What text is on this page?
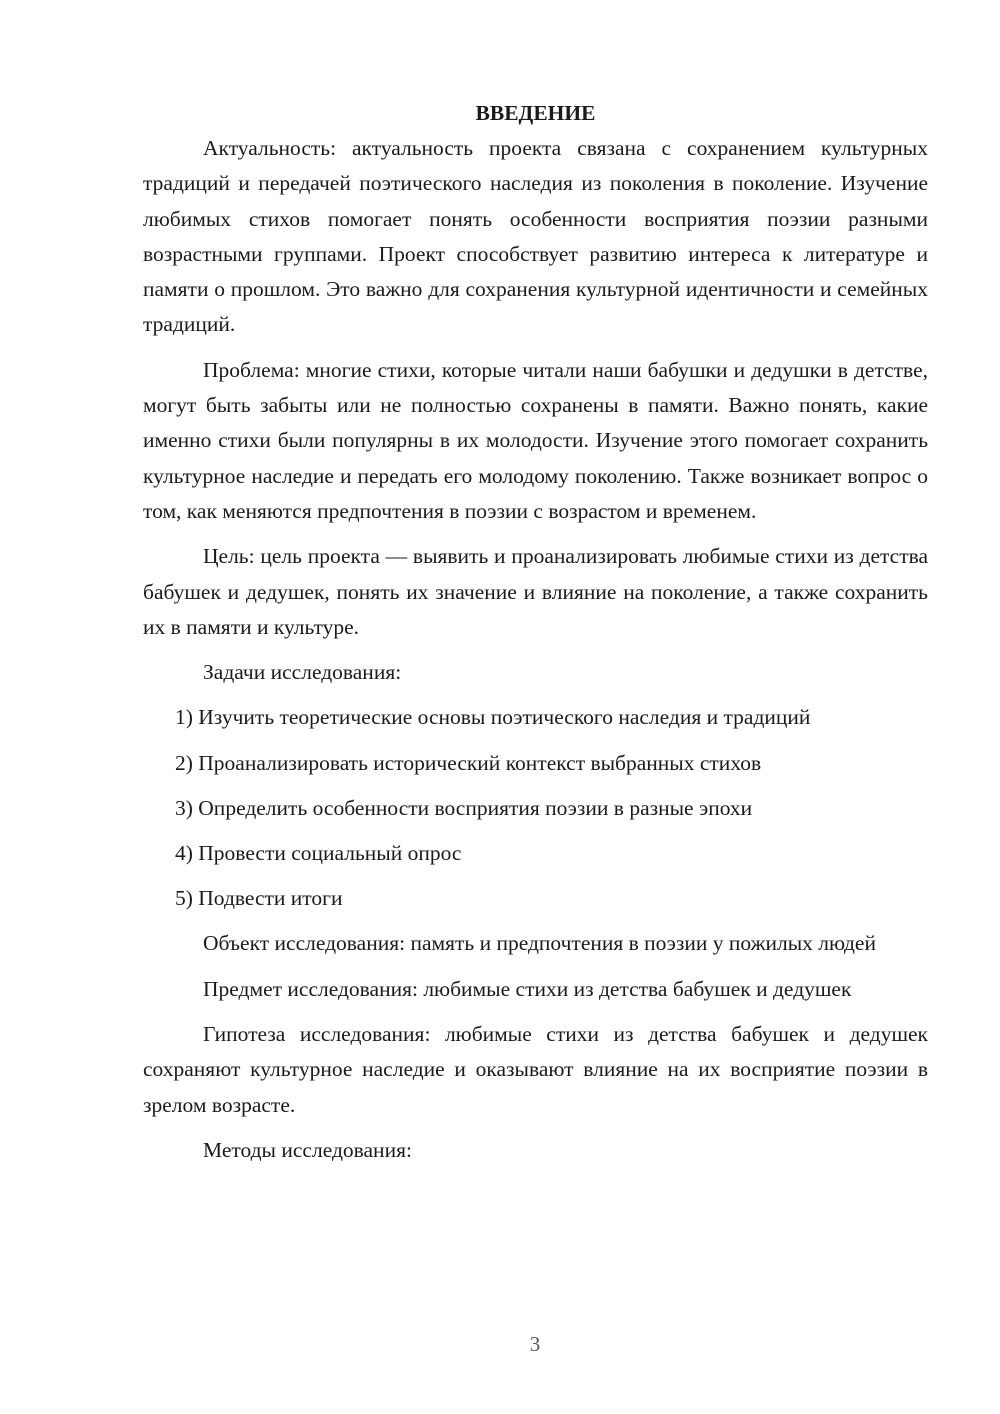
ВВЕДЕНИЕ

Актуальность: актуальность проекта связана с сохранением культурных традиций и передачей поэтического наследия из поколения в поколение. Изучение любимых стихов помогает понять особенности восприятия поэзии разными возрастными группами. Проект способствует развитию интереса к литературе и памяти о прошлом. Это важно для сохранения культурной идентичности и семейных традиций.

Проблема: многие стихи, которые читали наши бабушки и дедушки в детстве, могут быть забыты или не полностью сохранены в памяти. Важно понять, какие именно стихи были популярны в их молодости. Изучение этого помогает сохранить культурное наследие и передать его молодому поколению. Также возникает вопрос о том, как меняются предпочтения в поэзии с возрастом и временем.

Цель: цель проекта — выявить и проанализировать любимые стихи из детства бабушек и дедушек, понять их значение и влияние на поколение, а также сохранить их в памяти и культуре.

Задачи исследования:

1) Изучить теоретические основы поэтического наследия и традиций
2) Проанализировать исторический контекст выбранных стихов
3) Определить особенности восприятия поэзии в разные эпохи
4) Провести социальный опрос
5) Подвести итоги

Объект исследования: память и предпочтения в поэзии у пожилых людей

Предмет исследования: любимые стихи из детства бабушек и дедушек

Гипотеза исследования: любимые стихи из детства бабушек и дедушек сохраняют культурное наследие и оказывают влияние на их восприятие поэзии в зрелом возрасте.

Методы исследования:

3
